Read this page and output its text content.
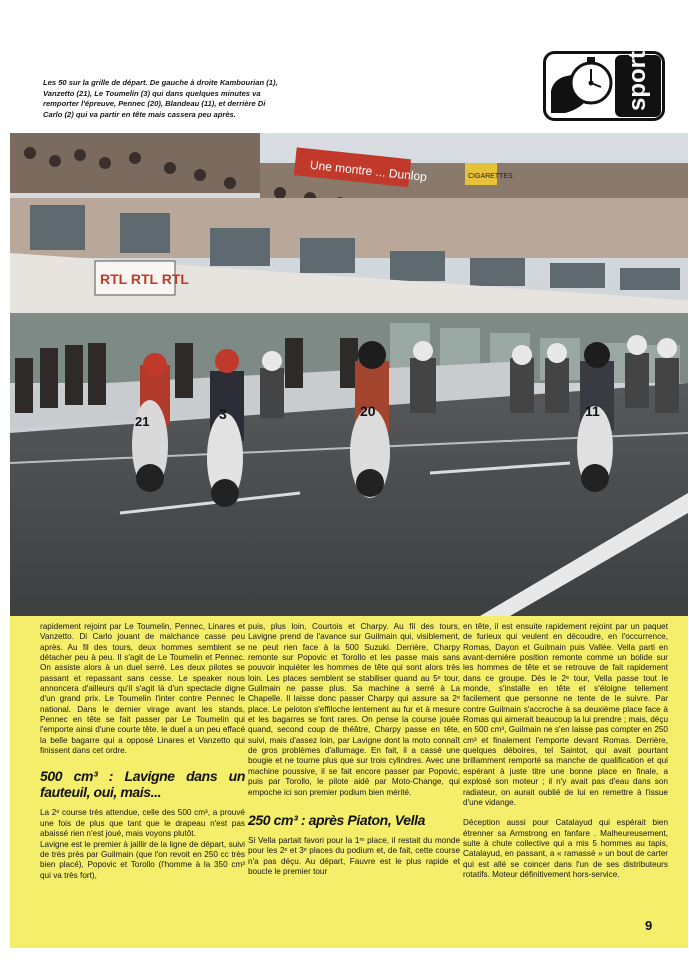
Les 50 sur la grille de départ. De gauche à droite Kambourian (1), Vanzetto (21), Le Toumelin (3) qui dans quelques minutes va remporter l'épreuve, Pennec (20), Blandeau (11), et derrière Di Carlo (2) qui va partir en tête mais cassera peu après.
sport
Une montre ... Dunlop	CIGARETTES
RTL RTL RTL
21	3	20	11

rapidement rejoint par Le Toumelin, Pennec, Linares et Vanzetto. Di Carlo jouant de malchance casse peu après. Au fil des tours, deux hommes semblent se détacher peu à peu. Il s'agit de Le Toumelin et Pennec. On assiste alors à un duel serré. Les deux pilotes se passant et repassant sans cesse. Le speaker nous annoncera d'ailleurs qu'il s'agit là d'un spectacle digne d'un grand prix. Le Toumelin l'inter contre Pennec le national. Dans le dernier virage avant les stands, Pennec en tête se fait passer par Le Toumelin qui l'emporte ainsi d'une courte tête. le duel a un peu effacé la belle bagarre qui a opposé Linares et Vanzetto qui finissent dans cet ordre.

500 cm³ : Lavigne dans un fauteuil, oui, mais...

La 2ᵉ course très attendue, celle des 500 cm³, a prouvé une fois de plus que tant que le drapeau n'est pas abaissé rien n'est joué, mais voyons plutôt.

Lavigne est le premier à jaillir de la ligne de départ, suivi de très près par Guilmain (que l'on revoit en 250 cc très bien placé), Popovic et Torollo (l'homme à la 350 cm³ qui va très fort),

puis, plus loin, Courtois et Charpy. Au fil des tours, Lavigne prend de l'avance sur Guilmain qui, visiblement, ne peut rien face à la 500 Suzuki. Derrière, Charpy remonte sur Popovic et Torollo et les passe mais sans pouvoir inquiéter les hommes de tête qui sont alors très loin. Les places semblent se stabiliser quand au 5ᵉ tour, Guilmain ne passe plus. Sa machine a serré à La Chapelle. Il laisse donc passer Charpy qui assure sa 2ᵉ place. Le peloton s'effiloche lentement au fur et à mesure et les bagarres se font rares. On pense la course jouée quand, second coup de théâtre, Charpy passe en tête, suivi, mais d'assez loin, par Lavigne dont la moto connaît de gros problèmes d'allumage. En fait, il a cassé une bougie et ne tourne plus que sur trois cylindres. Avec une machine poussive, il se fait encore passer par Popovic, puis par Torollo, le pilote aidé par Moto-Change, qui empoche ici son premier podium bien mérité.

250 cm³ : après Piaton, Vella

Si Vella partait favori pour la 1ʳᵉ place, il restait du monde pour les 2ᵉ et 3ᵉ places du podium et, de fait, cette course n'a pas déçu. Au départ, Fauvre est le plus rapide et boucle le premier tour

en tête, il est ensuite rapidement rejoint par un paquet de furieux qui veulent en découdre, en l'occurrence, Romas, Dayon et Guilmain puis Vallée. Vella parti en avant-dernière position remonte comme un bolide sur les hommes de tête et se retrouve de fait rapidement dans ce groupe. Dès le 2ᵉ tour, Vella passe tout le monde, s'installe en tête et s'éloigne tellement facilement que personne ne tente de le suivre. Par contre Guilmain s'accroche à sa deuxième place face à Romas qui aimerait beaucoup la lui prendre ; mais, déçu en 500 cm³, Guilmain ne s'en laisse pas compter en 250 cm³ et finalement l'emporte devant Romas. Derrière, quelques déboires, tel Saintot, qui avait pourtant brillamment remporté sa manche de qualification et qui espérant à juste titre une bonne place en finale, a explosé son moteur ; il n'y avait pas d'eau dans son radiateur, on aurait oublié de lui en remettre à l'issue d'une vidange.

Déception aussi pour Catalayud qui espérait bien étrenner sa Armstrong en fanfare . Malheureusement, suite à chute collective qui a mis 5 hommes au tapis, Catalayud, en passant, a « ramassé » un bout de carter qui est allé se coincer dans l'un de ses distributeurs rotatifs. Moteur définitivement hors-service.

9
